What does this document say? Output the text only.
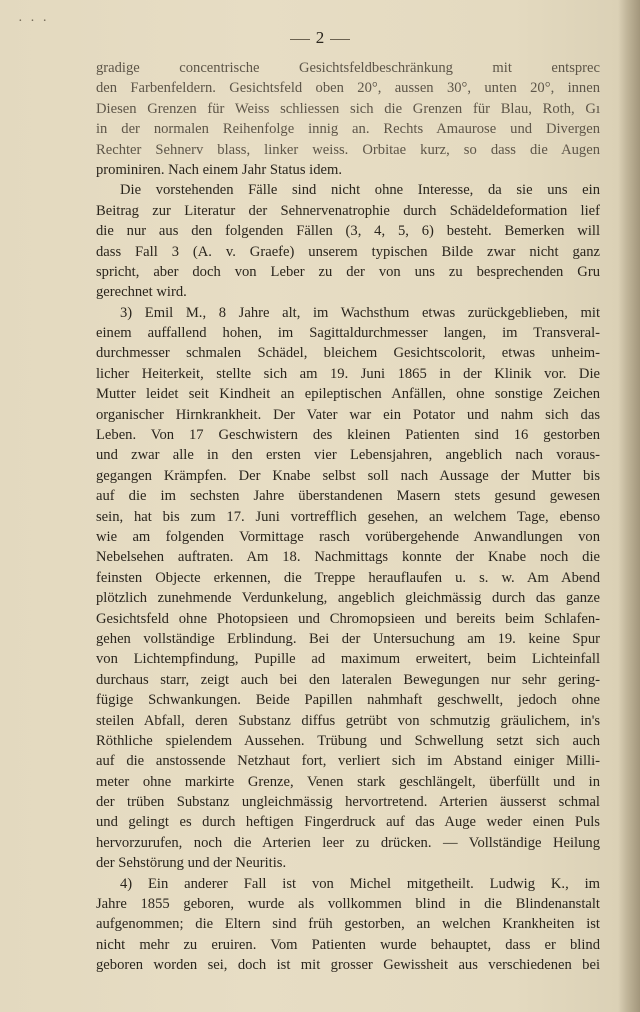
· · ·
2
gradige concentrische Gesichtsfeldbeschränkung mit entsprec
den Farbenfeldern. Gesichtsfeld oben 20°, aussen 30°, unten 20°, innen
Diesen Grenzen für Weiss schliessen sich die Grenzen für Blau, Roth, Gı
in der normalen Reihenfolge innig an. Rechts Amaurose und Divergen
Rechter Sehnerv blass, linker weiss. Orbitae kurz, so dass die Augen
prominiren. Nach einem Jahr Status idem.
Die vorstehenden Fälle sind nicht ohne Interesse, da sie uns ein
Beitrag zur Literatur der Sehnervenatrophie durch Schädeldeformation lief
die nur aus den folgenden Fällen (3, 4, 5, 6) besteht. Bemerken will
dass Fall 3 (A. v. Graefe) unserem typischen Bilde zwar nicht ganz
spricht, aber doch von Leber zu der von uns zu besprechenden Gru
gerechnet wird.
3) Emil M., 8 Jahre alt, im Wachsthum etwas zurückgeblieben, mit
einem auffallend hohen, im Sagittaldurchmesser langen, im Transveral-
durchmesser schmalen Schädel, bleichem Gesichtscolorit, etwas unheim-
licher Heiterkeit, stellte sich am 19. Juni 1865 in der Klinik vor. Die
Mutter leidet seit Kindheit an epileptischen Anfällen, ohne sonstige Zeichen
organischer Hirnkrankheit. Der Vater war ein Potator und nahm sich das
Leben. Von 17 Geschwistern des kleinen Patienten sind 16 gestorben
und zwar alle in den ersten vier Lebensjahren, angeblich nach voraus-
gegangen Krämpfen. Der Knabe selbst soll nach Aussage der Mutter bis
auf die im sechsten Jahre überstandenen Masern stets gesund gewesen
sein, hat bis zum 17. Juni vortrefflich gesehen, an welchem Tage, ebenso
wie am folgenden Vormittage rasch vorübergehende Anwandlungen von
Nebelsehen auftraten. Am 18. Nachmittags konnte der Knabe noch die
feinsten Objecte erkennen, die Treppe herauflaufen u. s. w. Am Abend
plötzlich zunehmende Verdunkelung, angeblich gleichmässig durch das ganze
Gesichtsfeld ohne Photopsieen und Chromopsieen und bereits beim Schlafen-
gehen vollständige Erblindung. Bei der Untersuchung am 19. keine Spur
von Lichtempfindung, Pupille ad maximum erweitert, beim Lichteinfall
durchaus starr, zeigt auch bei den lateralen Bewegungen nur sehr gering-
fügige Schwankungen. Beide Papillen nahmhaft geschwellt, jedoch ohne
steilen Abfall, deren Substanz diffus getrübt von schmutzig gräulichem, in's
Röthliche spielendem Aussehen. Trübung und Schwellung setzt sich auch
auf die anstossende Netzhaut fort, verliert sich im Abstand einiger Milli-
meter ohne markirte Grenze, Venen stark geschlängelt, überfüllt und in
der trüben Substanz ungleichmässig hervortretend. Arterien äusserst schmal
und gelingt es durch heftigen Fingerdruck auf das Auge weder einen Puls
hervorzurufen, noch die Arterien leer zu drücken. — Vollständige Heilung
der Sehstörung und der Neuritis.
4) Ein anderer Fall ist von Michel mitgetheilt. Ludwig K., im
Jahre 1855 geboren, wurde als vollkommen blind in die Blindenanstalt
aufgenommen; die Eltern sind früh gestorben, an welchen Krankheiten ist
nicht mehr zu eruiren. Vom Patienten wurde behauptet, dass er blind
geboren worden sei, doch ist mit grosser Gewissheit aus verschiedenen bei
